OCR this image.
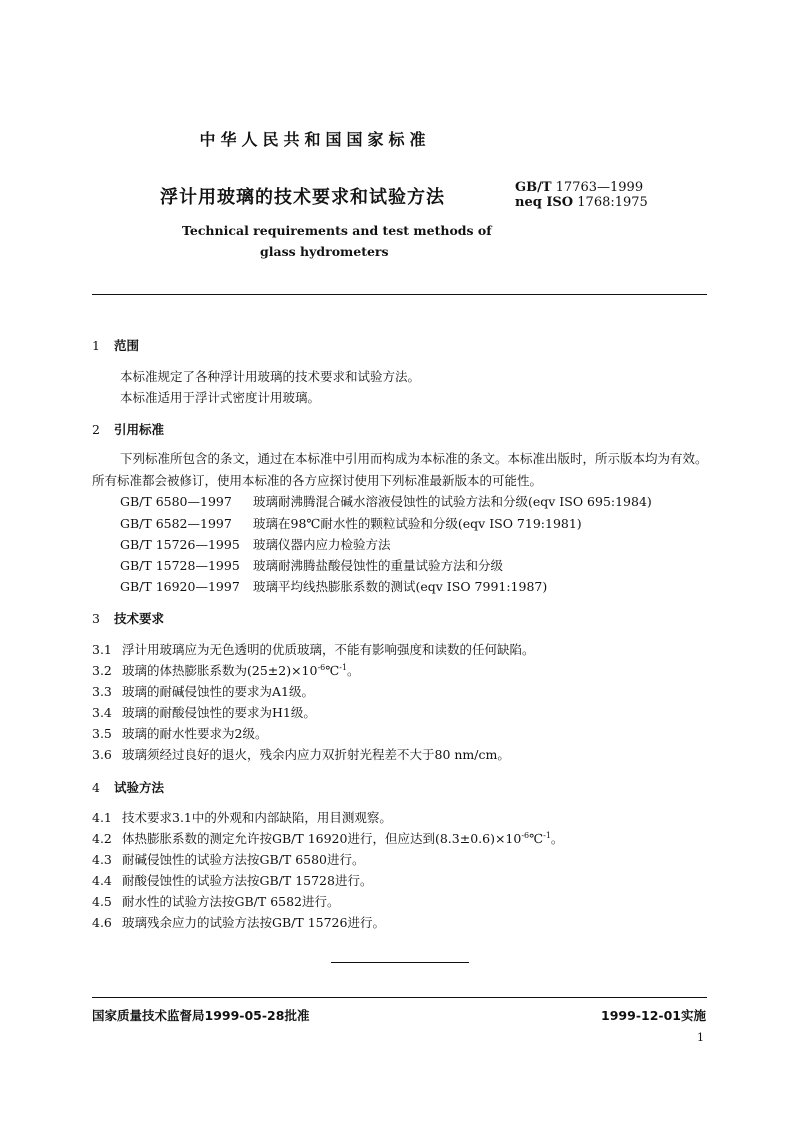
中华人民共和国国家标准
浮计用玻璃的技术要求和试验方法	GB/T 17763—1999
neq ISO 1768:1975
Technical requirements and test methods of
glass hydrometers
1 范围
本标准规定了各种浮计用玻璃的技术要求和试验方法。
本标准适用于浮计式密度计用玻璃。
2 引用标准
下列标准所包含的条文，通过在本标准中引用而构成为本标准的条文。本标准出版时，所示版本均为有效。所有标准都会被修订，使用本标准的各方应探讨使用下列标准最新版本的可能性。
GB/T 6580—1997 玻璃耐沸腾混合碱水溶液侵蚀性的试验方法和分级(eqv ISO 695:1984)
GB/T 6582—1997 玻璃在98℃耐水性的颗粒试验和分级(eqv ISO 719:1981)
GB/T 15726—1995 玻璃仪器内应力检验方法
GB/T 15728—1995 玻璃耐沸腾盐酸侵蚀性的重量试验方法和分级
GB/T 16920—1997 玻璃平均线热膨胀系数的测试(eqv ISO 7991:1987)
3 技术要求
3.1 浮计用玻璃应为无色透明的优质玻璃，不能有影响强度和读数的任何缺陷。
3.2 玻璃的体热膨胀系数为$(25\pm 2)\times 10^{-6}℃^{-1}$。
3.3 玻璃的耐碱侵蚀性的要求为A1级。
3.4 玻璃的耐酸侵蚀性的要求为H1级。
3.5 玻璃的耐水性要求为2级。
3.6 玻璃须经过良好的退火，残余内应力双折射光程差不大于80 nm/cm。
4 试验方法
4.1 技术要求3.1中的外观和内部缺陷，用目测观察。
4.2 体热膨胀系数的测定允许按GB/T 16920进行，但应达到$(8.3\pm 0.6)\times 10^{-6}℃^{-1}$。
4.3 耐碱侵蚀性的试验方法按GB/T 6580进行。
4.4 耐酸侵蚀性的试验方法按GB/T 15728进行。
4.5 耐水性的试验方法按GB/T 6582进行。
4.6 玻璃残余应力的试验方法按GB/T 15726进行。
国家质量技术监督局1999-05-28批准	1999-12-01实施
1
